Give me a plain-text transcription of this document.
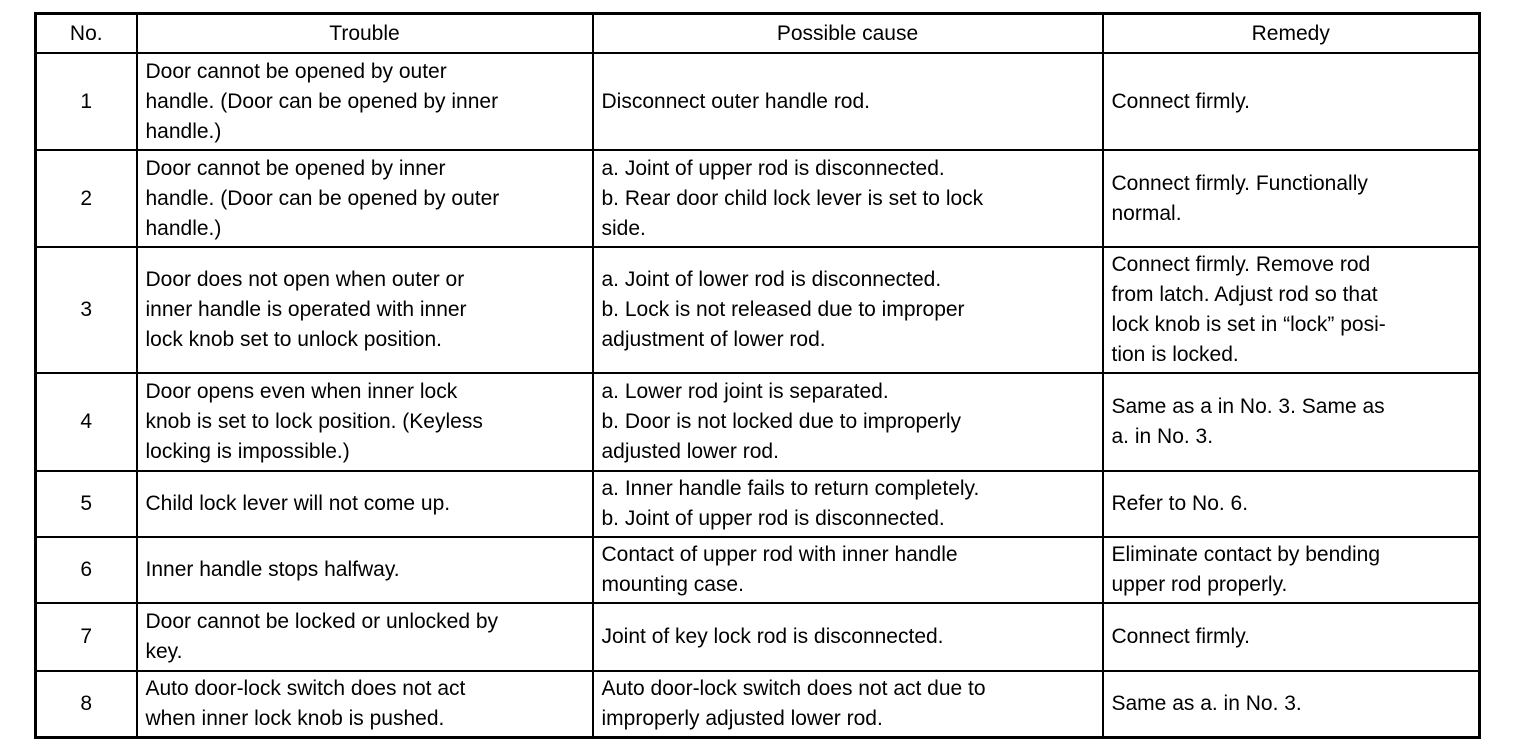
No.	Trouble	Possible cause	Remedy
1	Door cannot be opened by outer
handle. (Door can be opened by inner
handle.)	Disconnect outer handle rod.	Connect firmly.

2	Door cannot be opened by inner
handle. (Door can be opened by outer
handle.)	a. Joint of upper rod is disconnected.
b. Rear door child lock lever is set to lock
side.	Connect firmly. Functionally
normal.

3	Door does not open when outer or
inner handle is operated with inner
lock knob set to unlock position.	a. Joint of lower rod is disconnected.
b. Lock is not released due to improper
adjustment of lower rod.	Connect firmly. Remove rod
from latch. Adjust rod so that
lock knob is set in “lock” posi-
tion is locked.

4	Door opens even when inner lock
knob is set to lock position. (Keyless
locking is impossible.)	a. Lower rod joint is separated.
b. Door is not locked due to improperly
adjusted lower rod.	Same as a in No. 3. Same as
a. in No. 3.

5	Child lock lever will not come up.	a. Inner handle fails to return completely.
b. Joint of upper rod is disconnected.	Refer to No. 6.

6	Inner handle stops halfway.	Contact of upper rod with inner handle
mounting case.	Eliminate contact by bending
upper rod properly.

7	Door cannot be locked or unlocked by
key.	Joint of key lock rod is disconnected.	Connect firmly.

8	Auto door-lock switch does not act
when inner lock knob is pushed.	Auto door-lock switch does not act due to
improperly adjusted lower rod.	Same as a. in No. 3.
